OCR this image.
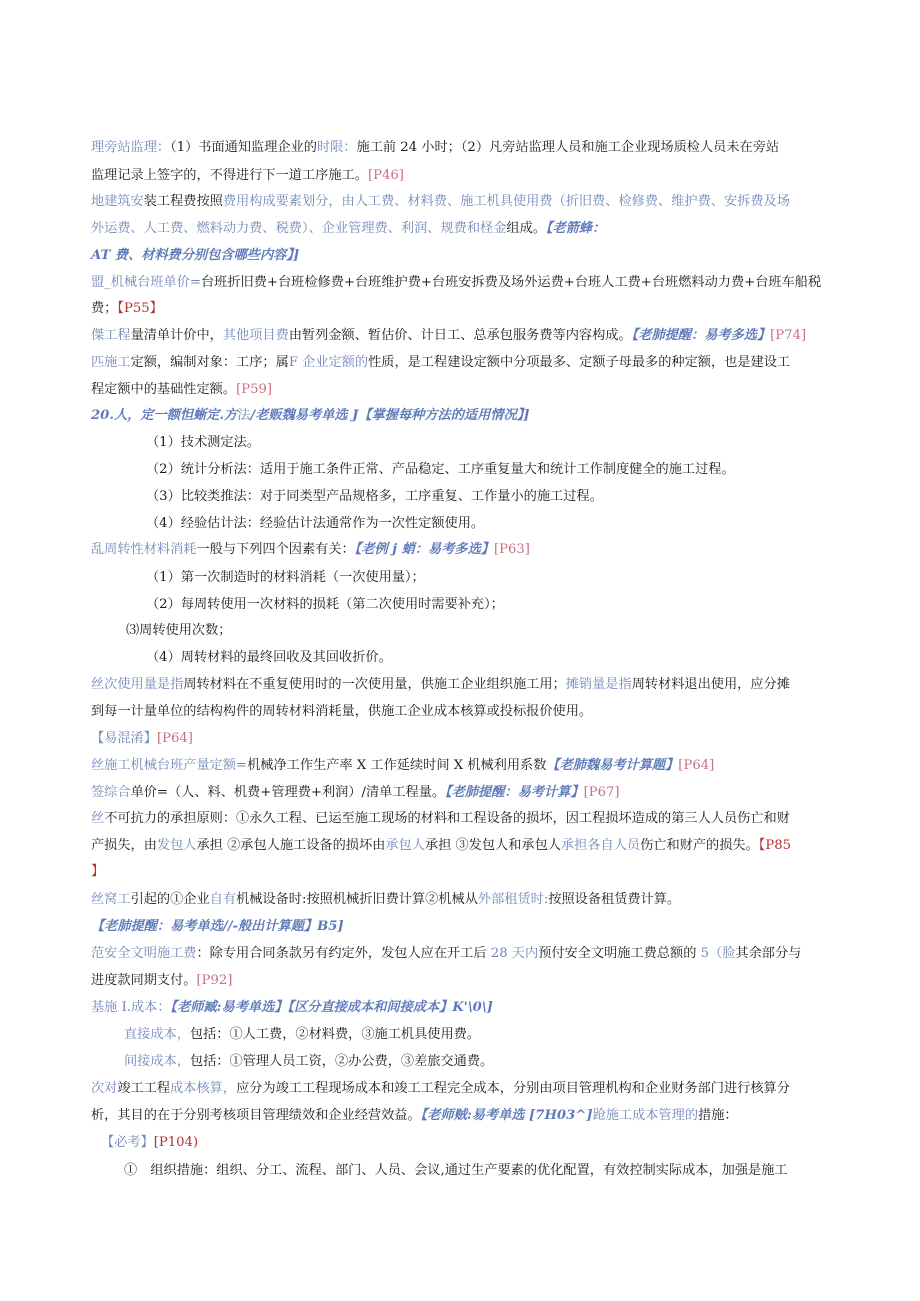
理旁站监理：（1）书面通知监理企业的时限：施工前 24 小时；（2）凡旁站监理人员和施工企业现场质检人员未在旁站
监理记录上签字的，不得进行下一道工序施工。[P46]
地建筑安装工程费按照费用构成要素划分，由人工费、材料费、施工机具使用费（折旧费、检修费、维护费、安拆费及场
外运费、人工费、燃料动力费、税费）、企业管理费、利润、规费和柽金组成。【老箭蜂：
AT 费、材料费分别包含哪些内容】]
盟_机械台班单价=台班折旧费+台班检修费+台班维护费+台班安拆费及场外运费+台班人工费+台班燃料动力费+台班车船税
费；【P55】
傑工程量清单计价中，其他项目费由暂列金额、暂估价、计日工、总承包服务费等内容构成。【老肺提醒：易考多选】[P74]
匹施工定额，编制对象：工序；属F 企业定额的性质，是工程建设定额中分项最多、定额子母最多的种定额，也是建设工
程定额中的基础性定额。[P59]
20.人，定一额怛蜥定.方法/老贩魏易考单选 J【掌握每种方法的适用情况】]
（1）技术测定法。
（2）统计分析法：适用于施工条件正常、产品稳定、工序重复量大和统计工作制度健全的施工过程。
（3）比较类推法：对于同类型产品规格多，工序重复、工作量小的施工过程。
（4）经验估计法：经验估计法通常作为一次性定额使用。
乱周转性材料消耗一般与下列四个因素有关：【老例 j 蛸：易考多选】[P63]
（1）第一次制造时的材料消耗（一次使用量）；
（2）每周转使用一次材料的损耗（第二次使用时需要补充）；
⑶周转使用次数；
（4）周转材料的最终回收及其回收折价。
丝次使用量是指周转材料在不重复使用时的一次使用量，供施工企业组织施工用；摊销量是指周转材料退出使用，应分摊
到每一计量单位的结构构件的周转材料消耗量，供施工企业成本核算或投标报价使用。
【易混淆】[P64]
丝施工机械台班产量定额=机械净工作生产率 X 工作延续时间 X 机械利用系数【老肺魏易考计算题】[P64]
签综合单价=（人、料、机费+管理费+利润）/清单工程量。【老肺提醒：易考计算】[P67]
丝不可抗力的承担原则：①永久工程、已运至施工现场的材料和工程设备的损坏，因工程损坏造成的第三人人员伤亡和财
产损失，由发包人承担 ②承包人施工设备的损坏由承包人承担 ③发包人和承包人承担各自人员伤亡和财产的损失。【P85
】
丝窝工引起的①企业自有机械设备时:按照机械折旧费计算②机械从外部租赁时:按照设备租赁费计算。
【老肺提醒：易考单选//-般出计算题】B5]
范安全文明施工费：除专用合同条款另有约定外，发包人应在开工后 28 天内预付安全文明施工费总额的 5（脸其余部分与
进度款同期支付。[P92]
基施 I.成本：【老师臧:易考单选】【区分直接成本和间接成本】K'\0\]
直接成本，包括：①人工费，②材料费，③施工机具使用费。
间接成本，包括：①管理人员工资，②办公费，③差旅交通费。
次对竣工工程成本核算，应分为竣工工程现场成本和竣工工程完全成本，分别由项目管理机构和企业财务部门进行核算分
析，其目的在于分别考核项目管理绩效和企业经营效益。【老师贼:易考单选 [7H03^]跄施工成本管理的措施：
【必考】[P104)
①　组织措施：组织、分工、流程、部门、人员、会议,通过生产要素的优化配置，有效控制实际成本，加强是施工
